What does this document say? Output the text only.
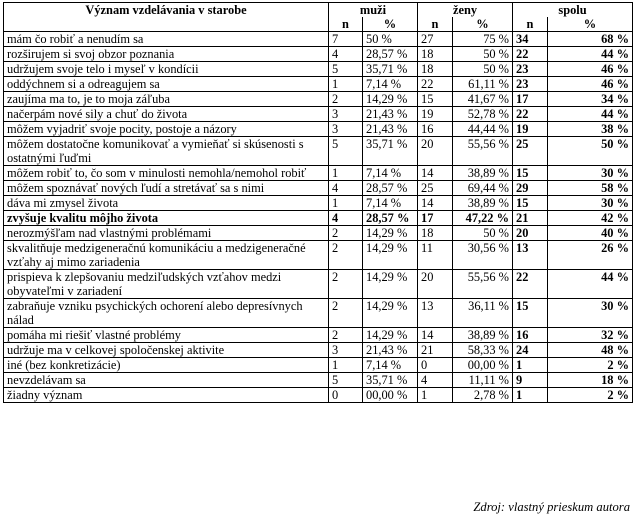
Význam vzdelávania v starobe	muži		ženy		spolu	
	n	%	n	%	n	%
mám čo robiť a nenudím sa	7	50 %	27	75 %	34	68 %
rozširujem si svoj obzor poznania	4	28,57 %	18	50 %	22	44 %
udržujem svoje telo i myseľ v kondícii	5	35,71 %	18	50 %	23	46 %
oddýchnem si a odreagujem sa	1	7,14 %	22	61,11 %	23	46 %
zaujíma ma to, je to moja záľuba	2	14,29 %	15	41,67 %	17	34 %
načerpám nové sily a chuť do života	3	21,43 %	19	52,78 %	22	44 %
môžem vyjadriť svoje pocity, postoje a názory	3	21,43 %	16	44,44 %	19	38 %
môžem dostatočne komunikovať a vymieňať si skúsenosti s ostatnými ľuďmi	5	35,71 %	20	55,56 %	25	50 %
môžem robiť to, čo som v minulosti nemohla/nemohol robiť	1	7,14 %	14	38,89 %	15	30 %
môžem spoznávať nových ľudí a stretávať sa s nimi	4	28,57 %	25	69,44 %	29	58 %
dáva mi zmysel života	1	7,14 %	14	38,89 %	15	30 %
zvyšuje kvalitu môjho života	4	28,57 %	17	47,22 %	21	42 %
nerozmýšľam nad vlastnými problémami	2	14,29 %	18	50 %	20	40 %
skvalitňuje medzigeneračnú komunikáciu a medzigeneračné vzťahy aj mimo zariadenia	2	14,29 %	11	30,56 %	13	26 %
prispieva k zlepšovaniu medziľudských vzťahov medzi obyvateľmi v zariadení	2	14,29 %	20	55,56 %	22	44 %
zabraňuje vzniku psychických ochorení alebo depresívnych nálad	2	14,29 %	13	36,11 %	15	30 %
pomáha mi riešiť vlastné problémy	2	14,29 %	14	38,89 %	16	32 %
udržuje ma v celkovej spoločenskej aktivite	3	21,43 %	21	58,33 %	24	48 %
iné (bez konkretizácie)	1	7,14 %	0	00,00 %	1	2 %
nevzdelávam sa	5	35,71 %	4	11,11 %	9	18 %
žiadny význam	0	00,00 %	1	2,78 %	1	2 %
Zdroj: vlastný prieskum autora
